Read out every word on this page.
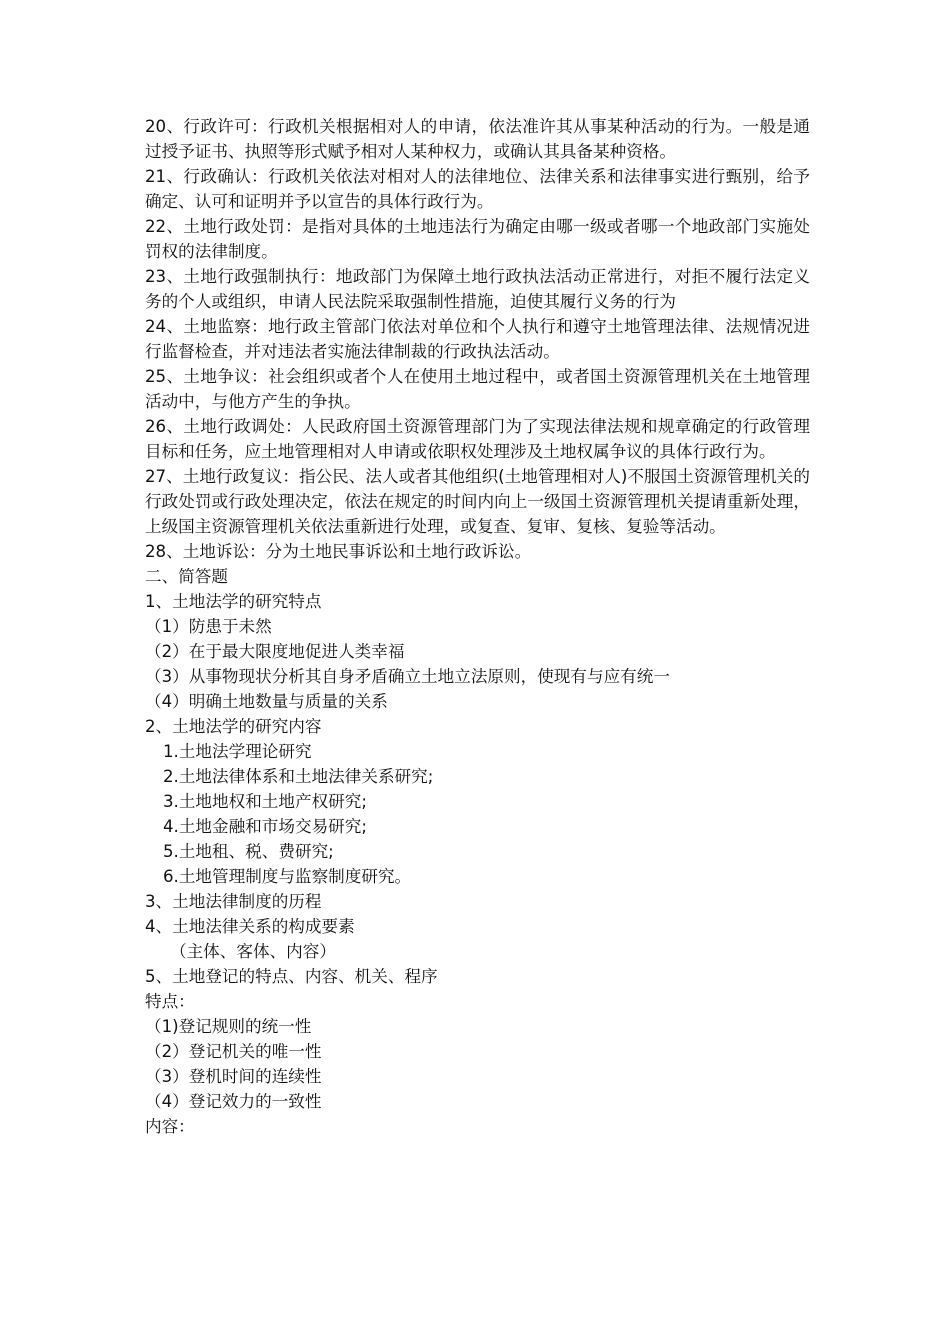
20、行政许可：行政机关根据相对人的申请，依法准许其从事某种活动的行为。一般是通过授予证书、执照等形式赋予相对人某种权力，或确认其具备某种资格。

21、行政确认：行政机关依法对相对人的法律地位、法律关系和法律事实进行甄别，给予确定、认可和证明并予以宣告的具体行政行为。

22、土地行政处罚：是指对具体的土地违法行为确定由哪一级或者哪一个地政部门实施处罚权的法律制度。

23、土地行政强制执行：地政部门为保障土地行政执法活动正常进行，对拒不履行法定义务的个人或组织，申请人民法院采取强制性措施，迫使其履行义务的行为

24、土地监察：地行政主管部门依法对单位和个人执行和遵守土地管理法律、法规情况进行监督检查，并对违法者实施法律制裁的行政执法活动。

25、土地争议：社会组织或者个人在使用土地过程中，或者国土资源管理机关在土地管理活动中，与他方产生的争执。

26、土地行政调处：人民政府国土资源管理部门为了实现法律法规和规章确定的行政管理目标和任务，应土地管理相对人申请或依职权处理涉及土地权属争议的具体行政行为。

27、土地行政复议：指公民、法人或者其他组织(土地管理相对人)不服国土资源管理机关的行政处罚或行政处理决定，依法在规定的时间内向上一级国土资源管理机关提请重新处理，上级国主资源管理机关依法重新进行处理，或复查、复审、复核、复验等活动。

28、土地诉讼：分为土地民事诉讼和土地行政诉讼。

二、简答题
1、土地法学的研究特点
（1）防患于未然
（2）在于最大限度地促进人类幸福
（3）从事物现状分析其自身矛盾确立土地立法原则，使现有与应有统一
（4）明确土地数量与质量的关系
2、土地法学的研究内容
1.土地法学理论研究
2.土地法律体系和土地法律关系研究;
3.土地地权和土地产权研究;
4.土地金融和市场交易研究;
5.土地租、税、费研究;
6.土地管理制度与监察制度研究。
3、土地法律制度的历程
4、土地法律关系的构成要素
（主体、客体、内容）
5、土地登记的特点、内容、机关、程序
特点：
（1)登记规则的统一性
（2）登记机关的唯一性
（3）登机时间的连续性
（4）登记效力的一致性
内容：
